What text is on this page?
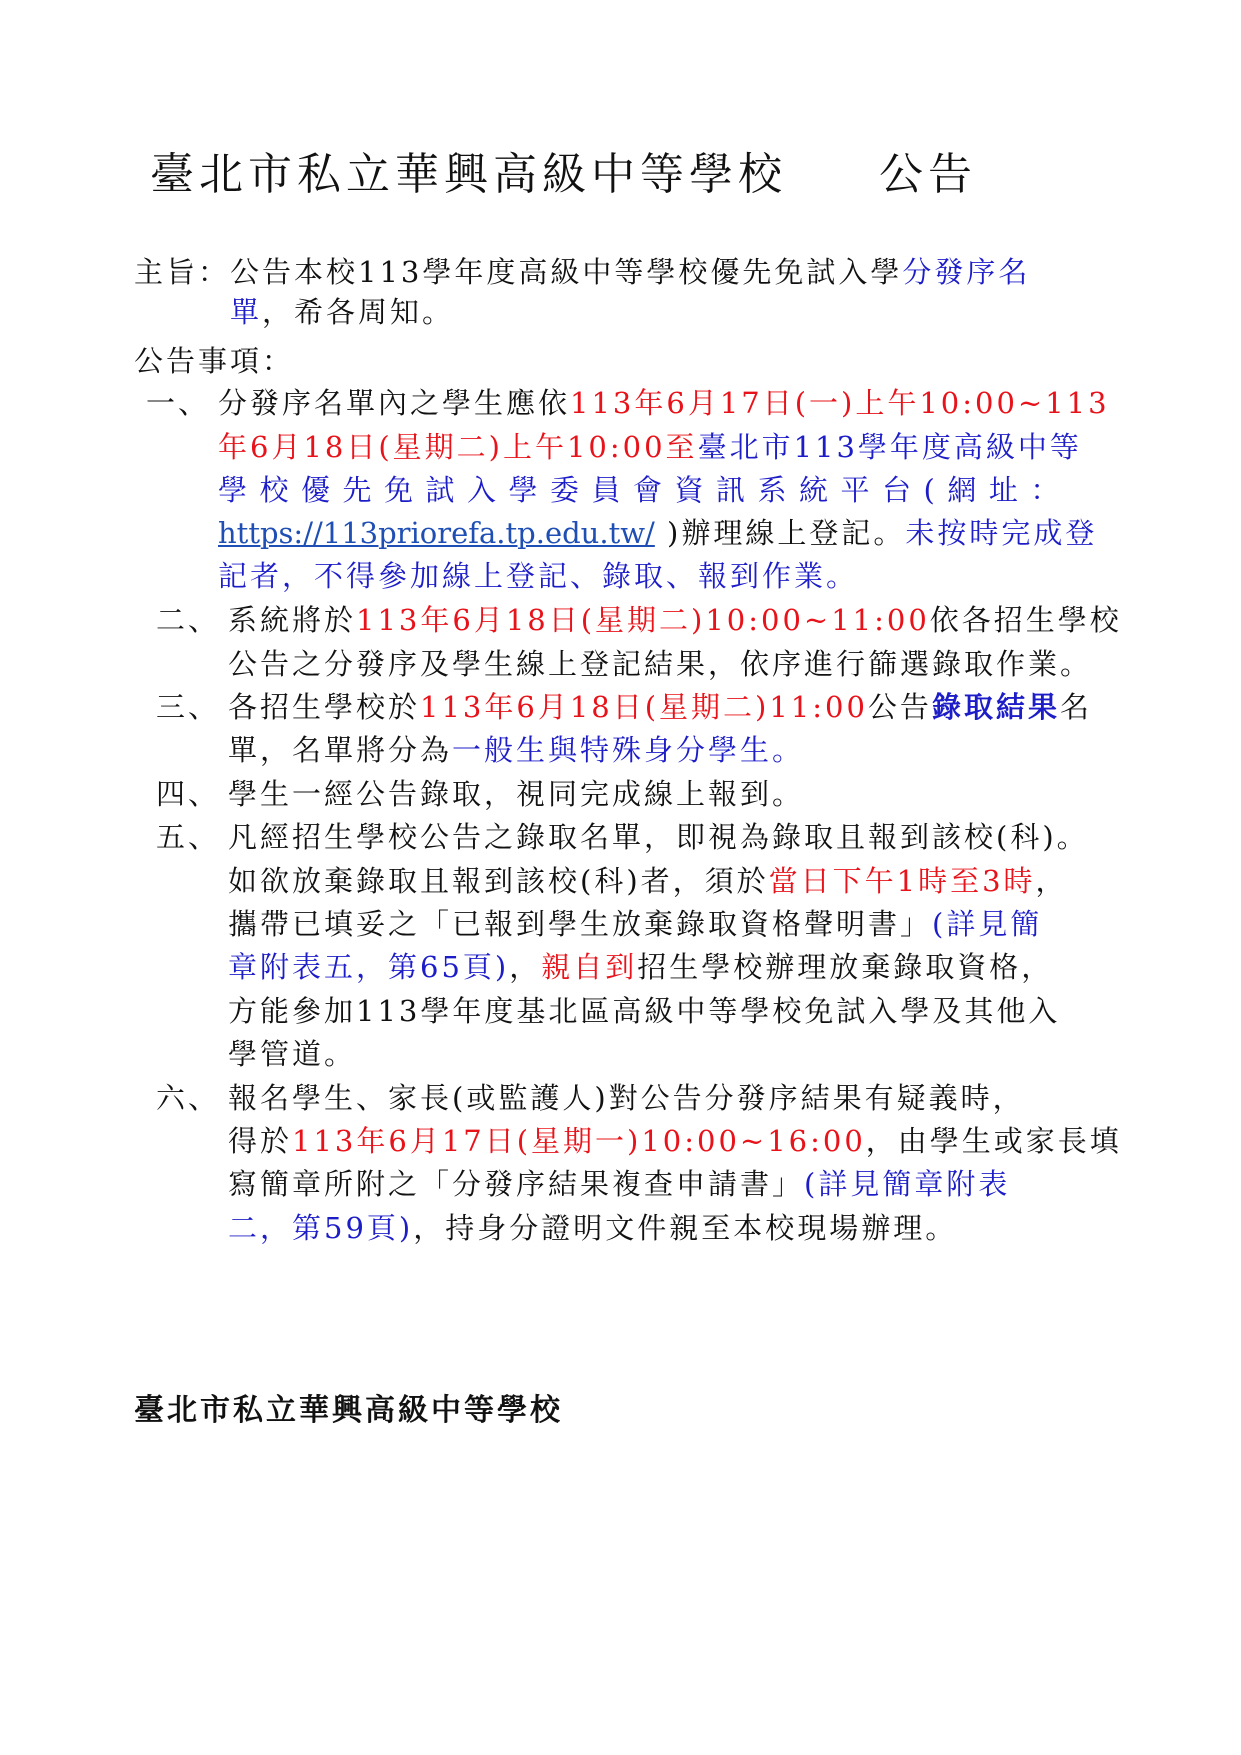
臺北市私立華興高級中等學校 公告
主旨：公告本校113學年度高級中等學校優先免試入學分發序名
單，希各周知。
公告事項：
一、 分發序名單內之學生應依113年6月17日(一)上午10:00~113
年6月18日(星期二)上午10:00至臺北市113學年度高級中等
學校優先免試入學委員會資訊系統平台(網址：
https://113priorefa.tp.edu.tw/ )辦理線上登記。未按時完成登
記者，不得參加線上登記、錄取、報到作業。
二、 系統將於113年6月18日(星期二)10:00~11:00依各招生學校
公告之分發序及學生線上登記結果，依序進行篩選錄取作業。
三、 各招生學校於113年6月18日(星期二)11:00公告錄取結果名
單，名單將分為一般生與特殊身分學生。
四、 學生一經公告錄取，視同完成線上報到。
五、 凡經招生學校公告之錄取名單，即視為錄取且報到該校(科)。
如欲放棄錄取且報到該校(科)者，須於當日下午1時至3時，
攜帶已填妥之「已報到學生放棄錄取資格聲明書」(詳見簡
章附表五，第65頁)，親自到招生學校辦理放棄錄取資格，
方能參加113學年度基北區高級中等學校免試入學及其他入
學管道。
六、 報名學生、家長(或監護人)對公告分發序結果有疑義時，
得於113年6月17日(星期一)10:00~16:00，由學生或家長填
寫簡章所附之「分發序結果複查申請書」(詳見簡章附表
二，第59頁)，持身分證明文件親至本校現場辦理。

臺北市私立華興高級中等學校
